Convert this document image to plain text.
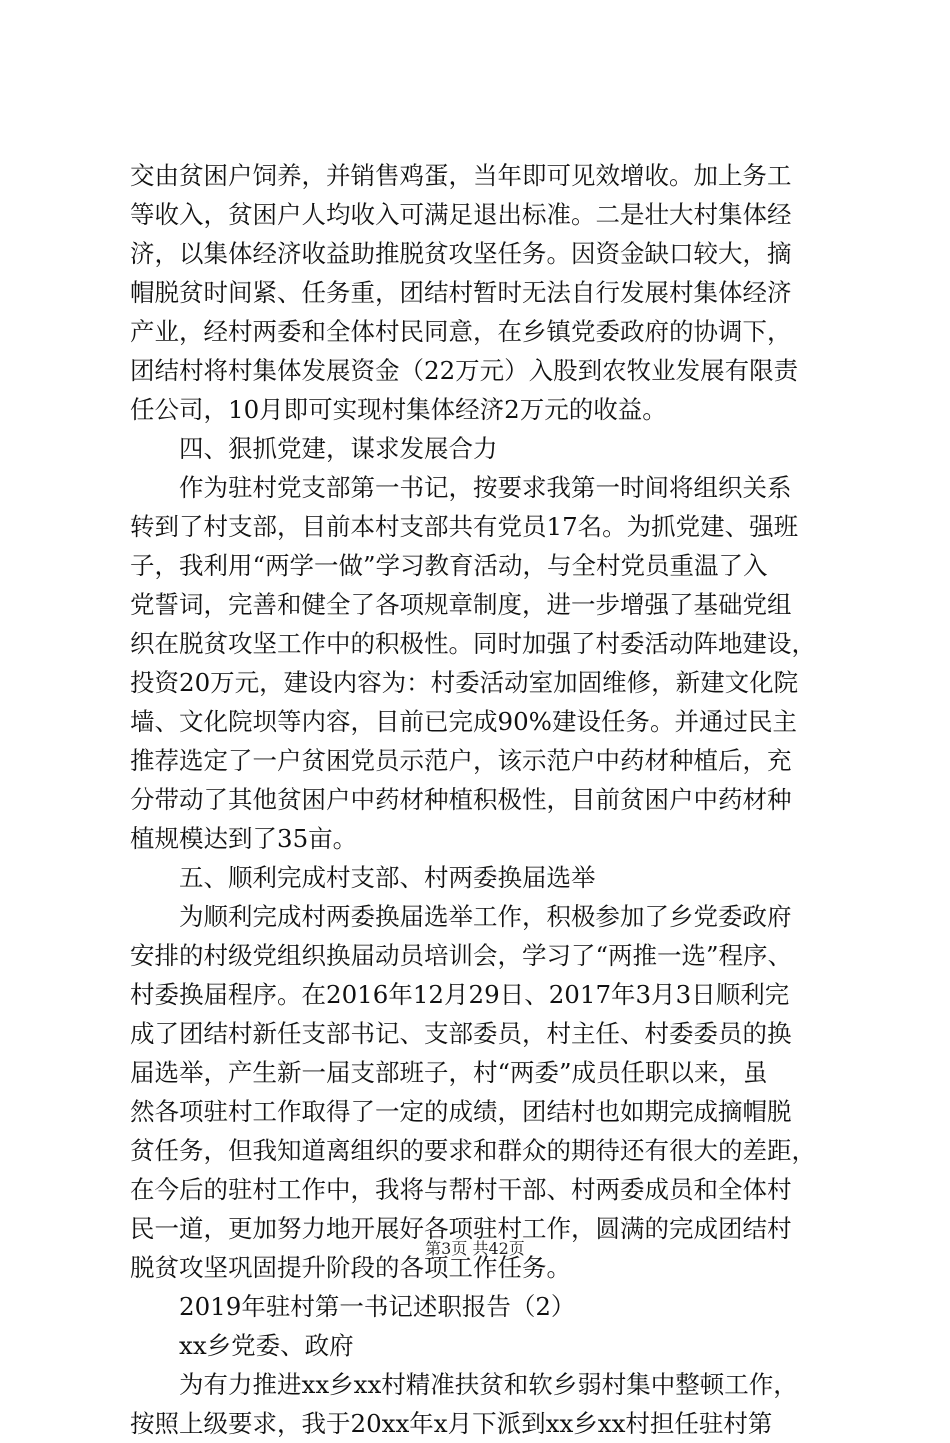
交由贫困户饲养，并销售鸡蛋，当年即可见效增收。加上务工
等收入，贫困户人均收入可满足退出标准。二是壮大村集体经
济，以集体经济收益助推脱贫攻坚任务。因资金缺口较大，摘
帽脱贫时间紧、任务重，团结村暂时无法自行发展村集体经济
产业，经村两委和全体村民同意，在乡镇党委政府的协调下，
团结村将村集体发展资金（22万元）入股到农牧业发展有限责
任公司，10月即可实现村集体经济2万元的收益。
四、狠抓党建，谋求发展合力
作为驻村党支部第一书记，按要求我第一时间将组织关系
转到了村支部，目前本村支部共有党员17名。为抓党建、强班
子，我利用“两学一做”学习教育活动，与全村党员重温了入
党誓词，完善和健全了各项规章制度，进一步增强了基础党组
织在脱贫攻坚工作中的积极性。同时加强了村委活动阵地建设，
投资20万元，建设内容为：村委活动室加固维修，新建文化院
墙、文化院坝等内容，目前已完成90%建设任务。并通过民主
推荐选定了一户贫困党员示范户，该示范户中药材种植后，充
分带动了其他贫困户中药材种植积极性，目前贫困户中药材种
植规模达到了35亩。
五、顺利完成村支部、村两委换届选举
为顺利完成村两委换届选举工作，积极参加了乡党委政府
安排的村级党组织换届动员培训会，学习了“两推一选”程序、
村委换届程序。在2016年12月29日、2017年3月3日顺利完
成了团结村新任支部书记、支部委员，村主任、村委委员的换
届选举，产生新一届支部班子，村“两委”成员任职以来，虽
然各项驻村工作取得了一定的成绩，团结村也如期完成摘帽脱
贫任务，但我知道离组织的要求和群众的期待还有很大的差距，
在今后的驻村工作中，我将与帮村干部、村两委成员和全体村
民一道，更加努力地开展好各项驻村工作，圆满的完成团结村
脱贫攻坚巩固提升阶段的各项工作任务。
2019年驻村第一书记述职报告（2）
xx乡党委、政府
为有力推进xx乡xx村精准扶贫和软乡弱村集中整顿工作，
按照上级要求，我于20xx年x月下派到xx乡xx村担任驻村第
第3页 共42页
